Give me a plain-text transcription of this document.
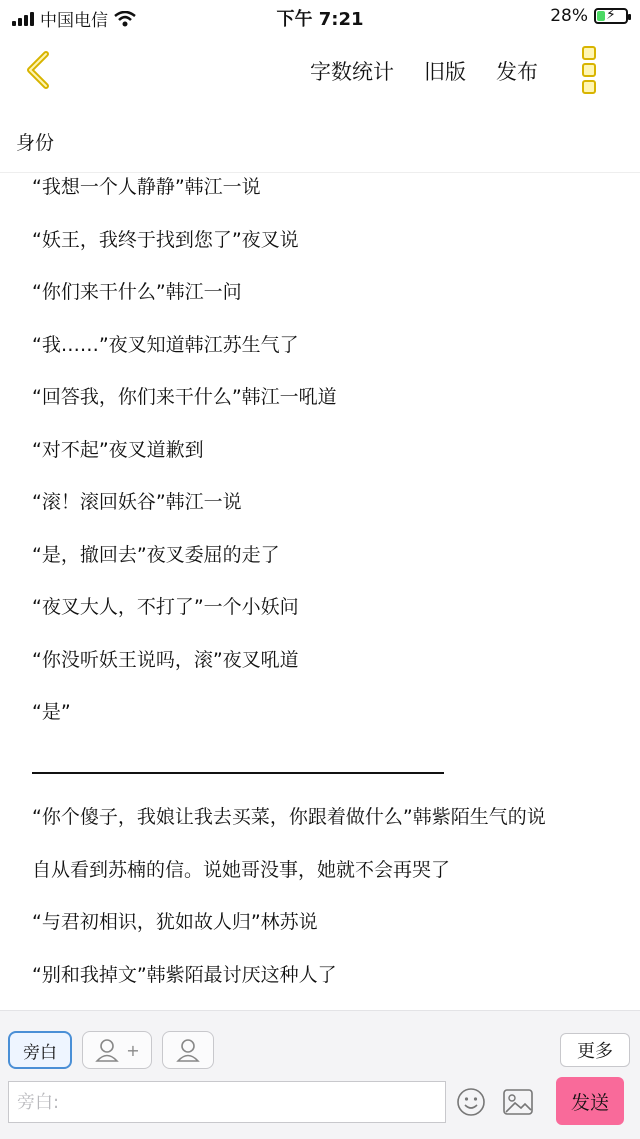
中国电信	下午 7:21	28% ⚡
字数统计 旧版 发布
身份
“我想一个人静静”韩江一说
“妖王，我终于找到您了”夜叉说
“你们来干什么”韩江一问
“我……”夜叉知道韩江苏生气了
“回答我，你们来干什么”韩江一吼道
“对不起”夜叉道歉到
“滚！滚回妖谷”韩江一说
“是，撤回去”夜叉委屈的走了
“夜叉大人，不打了”一个小妖问
“你没听妖王说吗，滚”夜叉吼道
“是”
“你个傻子，我娘让我去买菜，你跟着做什么”韩紫陌生气的说
自从看到苏楠的信。说她哥没事，她就不会再哭了
“与君初相识，犹如故人归”林苏说
“别和我掉文”韩紫陌最讨厌这种人了
旁白	+	更多
旁白:
发送
